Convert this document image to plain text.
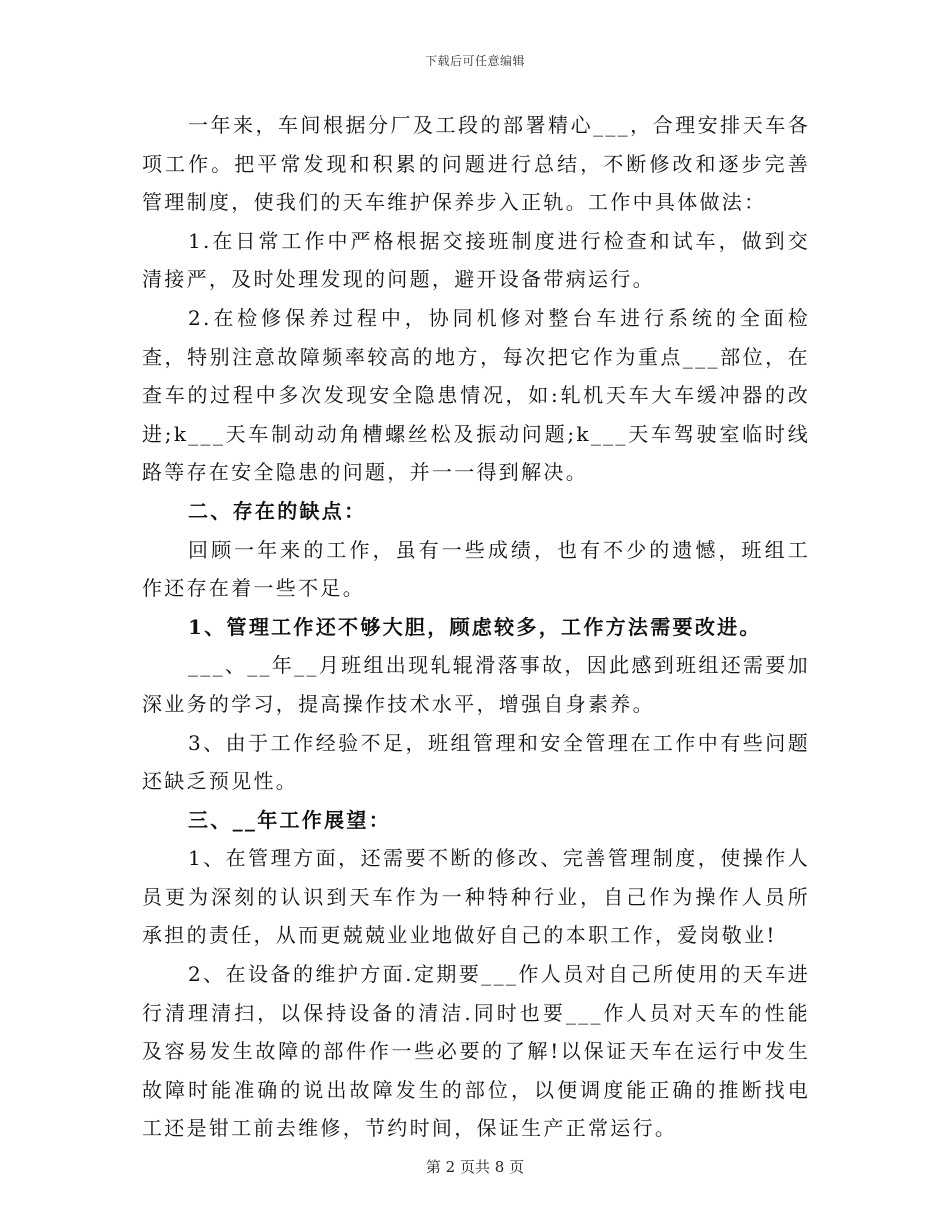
下载后可任意编辑

一年来，车间根据分厂及工段的部署精心___，合理安排天车各项工作。把平常发现和积累的问题进行总结，不断修改和逐步完善管理制度，使我们的天车维护保养步入正轨。工作中具体做法：

1.在日常工作中严格根据交接班制度进行检查和试车，做到交清接严，及时处理发现的问题，避开设备带病运行。

2.在检修保养过程中，协同机修对整台车进行系统的全面检查，特别注意故障频率较高的地方，每次把它作为重点___部位，在查车的过程中多次发现安全隐患情况，如:轧机天车大车缓冲器的改进;k___天车制动动角槽螺丝松及振动问题;k___天车驾驶室临时线路等存在安全隐患的问题，并一一得到解决。

二、存在的缺点：

回顾一年来的工作，虽有一些成绩，也有不少的遗憾，班组工作还存在着一些不足。

1、管理工作还不够大胆，顾虑较多，工作方法需要改进。

___、__年__月班组出现轧辊滑落事故，因此感到班组还需要加深业务的学习，提高操作技术水平，增强自身素养。

3、由于工作经验不足，班组管理和安全管理在工作中有些问题还缺乏预见性。

三、__年工作展望：

1、在管理方面，还需要不断的修改、完善管理制度，使操作人员更为深刻的认识到天车作为一种特种行业，自己作为操作人员所承担的责任，从而更兢兢业业地做好自己的本职工作，爱岗敬业!

2、在设备的维护方面.定期要___作人员对自己所使用的天车进行清理清扫，以保持设备的清洁.同时也要___作人员对天车的性能及容易发生故障的部件作一些必要的了解!以保证天车在运行中发生故障时能准确的说出故障发生的部位，以便调度能正确的推断找电工还是钳工前去维修，节约时间，保证生产正常运行。

第 2 页共 8 页
